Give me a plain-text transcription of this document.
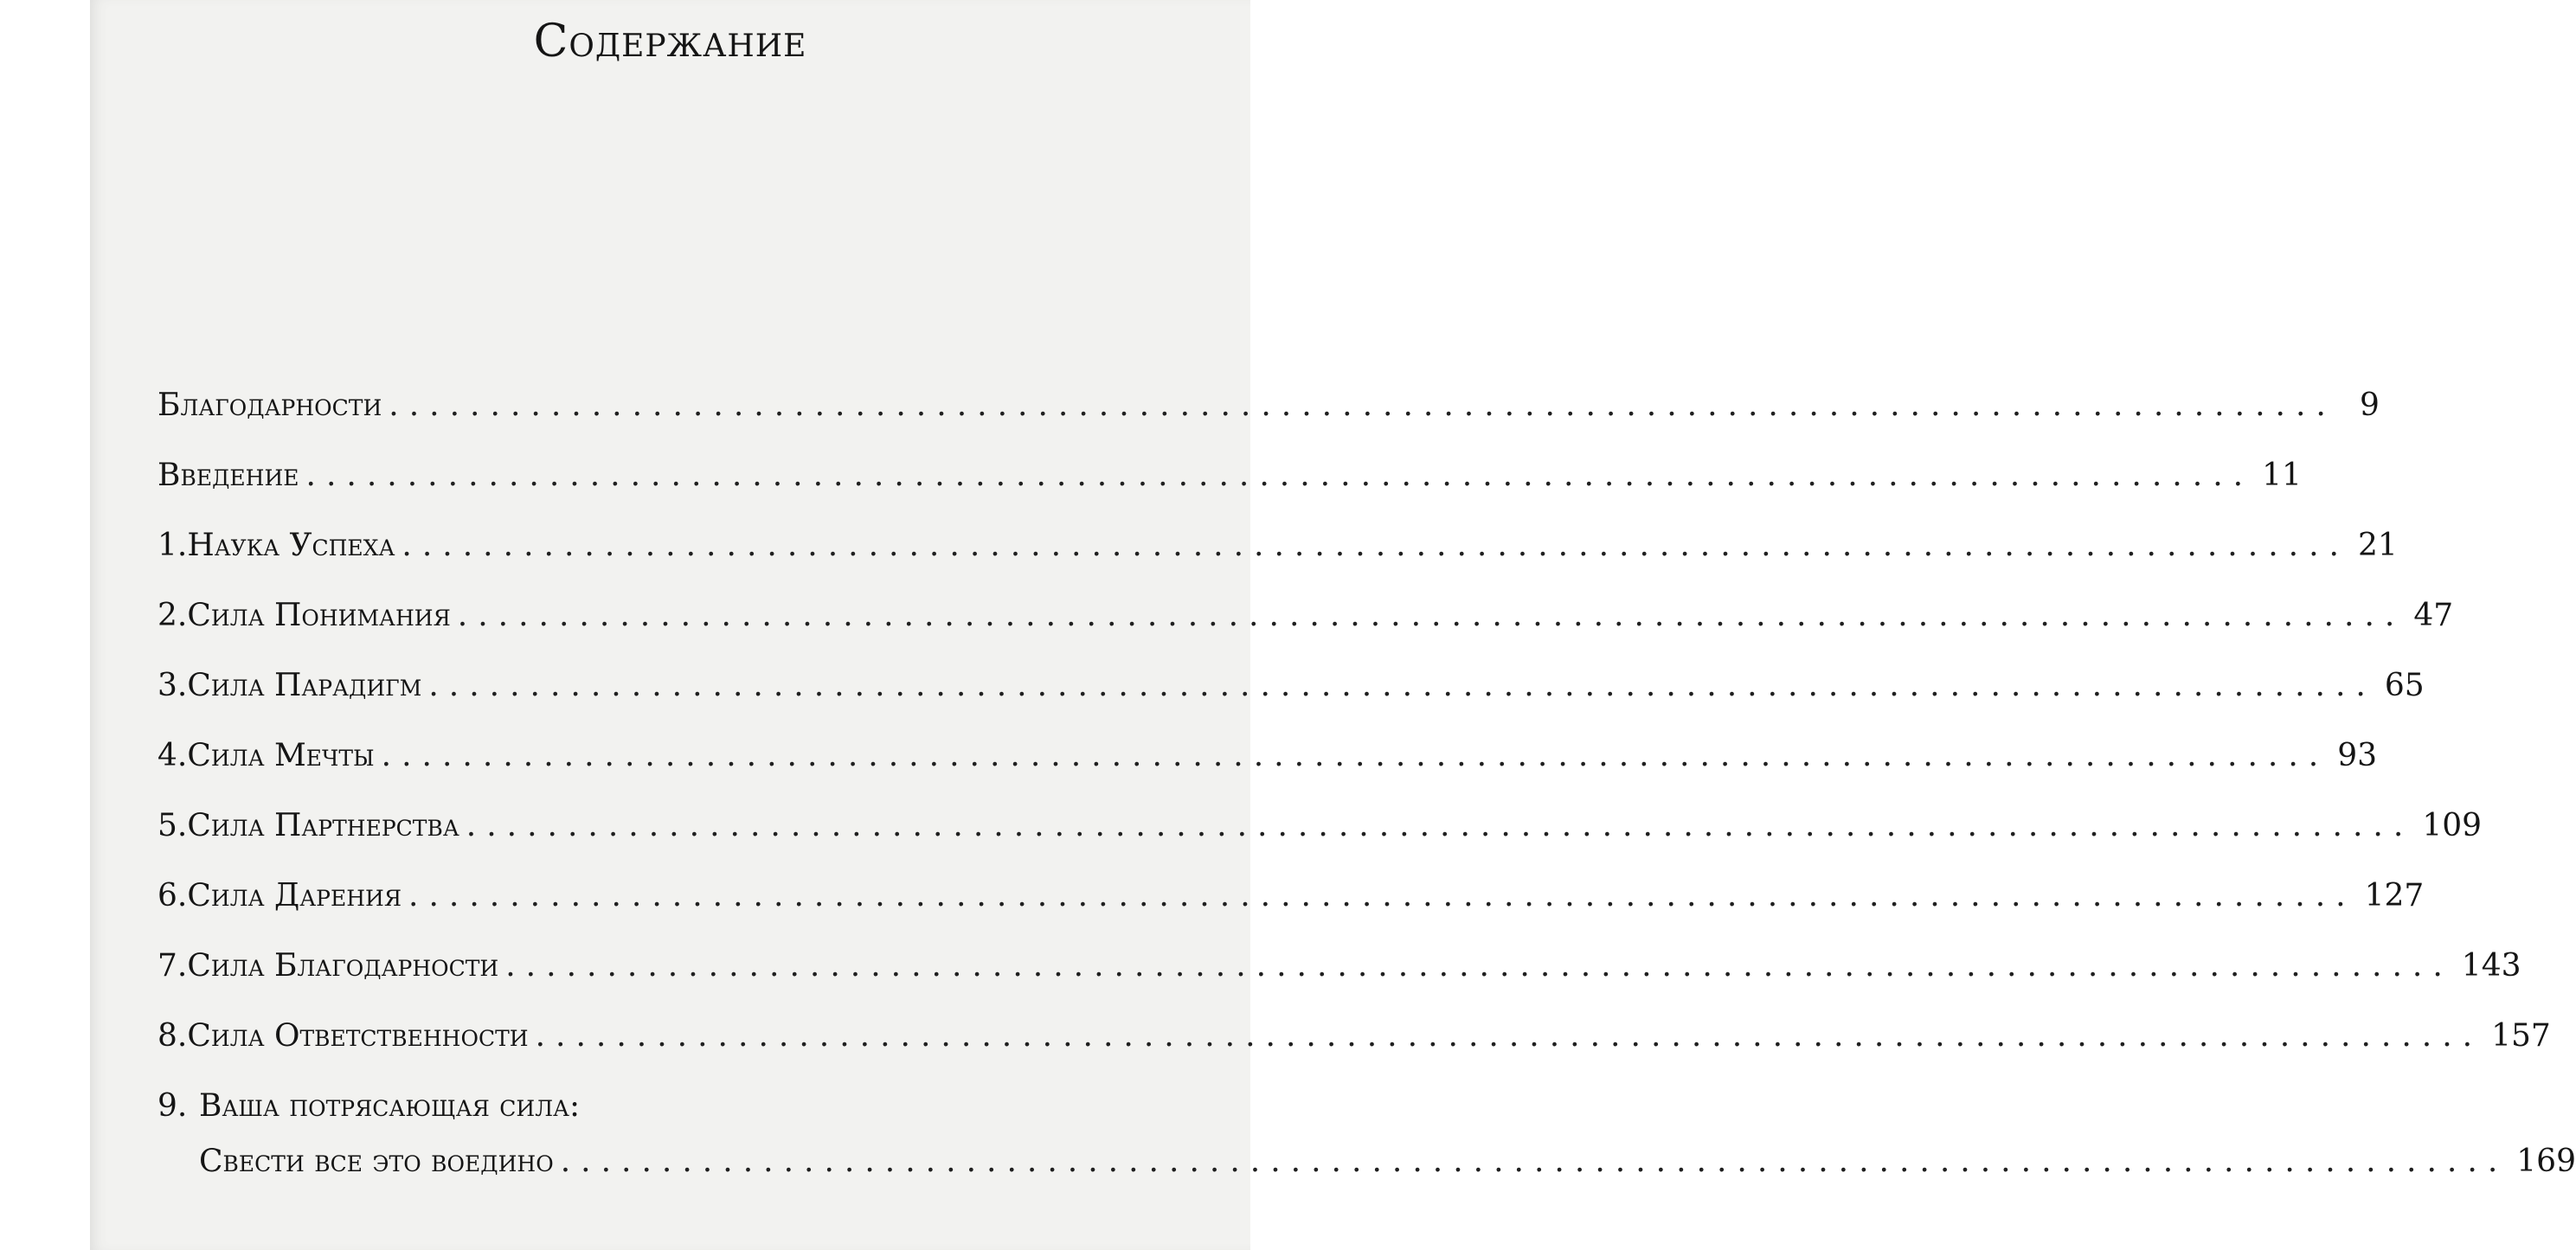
Содержание
Благодарности ................................................................................................ 9
Введение ................................................................................................ 11
1. Наука Успеха ................................................................................................ 21
2. Сила Понимания ................................................................................................ 47
3. Сила Парадигм ................................................................................................ 65
4. Сила Мечты ................................................................................................ 93
5. Сила Партнерства ................................................................................................ 109
6. Сила Дарения ................................................................................................ 127
7. Сила Благодарности ................................................................................................ 143
8. Сила Ответственности ................................................................................................ 157
9. Ваша потрясающая сила:
Свести все это воедино ................................................................................................ 169
